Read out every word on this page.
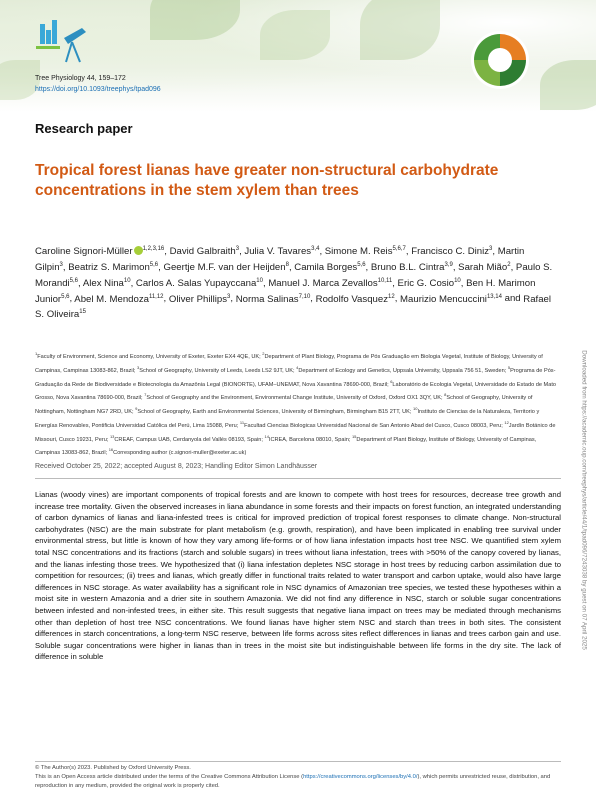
Tree Physiology 44, 159–172
https://doi.org/10.1093/treephys/tpad096
Research paper
Tropical forest lianas have greater non-structural carbohydrate concentrations in the stem xylem than trees
Caroline Signori-Müller $^{1,2,3,16}$, David Galbraith$^3$, Julia V. Tavares$^{3,4}$, Simone M. Reis$^{5,6,7}$, Francisco C. Diniz$^3$, Martin Gilpin$^3$, Beatriz S. Marimon$^{5,6}$, Geertje M.F. van der Heijden$^8$, Camila Borges$^{5,6}$, Bruno B.L. Cintra$^{3,9}$, Sarah Mião$^2$, Paulo S. Morandi$^{5,6}$, Alex Nina$^{10}$, Carlos A. Salas Yupayccana$^{10}$, Manuel J. Marca Zevallos$^{10,11}$, Eric G. Cosio$^{10}$, Ben H. Marimon Junior$^{5,6}$, Abel M. Mendoza$^{11,12}$, Oliver Phillips$^3$, Norma Salinas$^{7,10}$, Rodolfo Vasquez$^{12}$, Maurizio Mencuccini$^{13,14}$ and Rafael S. Oliveira$^{15}$
$^1$Faculty of Environment, Science and Economy, University of Exeter, Exeter EX4 4QE, UK; $^2$Department of Plant Biology, Programa de Pós Graduação em Biologia Vegetal, Institute of Biology, University of Campinas, Campinas 13083-862, Brazil; $^3$School of Geography, University of Leeds, Leeds LS2 9JT, UK; $^4$Department of Ecology and Genetics, Uppsala University, Uppsala 756 51, Sweden; $^5$Programa de Pós-Graduação da Rede de Biodiversidade e Biotecnologia da Amazônia Legal (BIONORTE), UFAM–UNEMAT, Nova Xavantina 78690-000, Brazil; $^6$Laboratório de Ecologia Vegetal, Universidade do Estado de Mato Grosso, Nova Xavantina 78690-000, Brazil; $^7$School of Geography and the Environment, Environmental Change Institute, University of Oxford, Oxford OX1 3QY, UK; $^8$School of Geography, University of Nottingham, Nottingham NG7 2RD, UK; $^9$School of Geography, Earth and Environmental Sciences, University of Birmingham, Birmingham B15 2TT, UK; $^{10}$Instituto de Ciencias de la Naturaleza, Territorio y Energías Renovables, Pontificia Universidad Católica del Perú, Lima 15088, Peru; $^{11}$Facultad Ciencias Biologicas Universidad Nacional de San Antonio Abad del Cusco, Cusco 08003, Peru; $^{12}$Jardín Botánico de Missouri, Cusco 19231, Peru; $^{13}$CREAF, Campus UAB, Cerdanyola del Vallés 08193, Spain; $^{14}$ICREA, Barcelona 08010, Spain; $^{15}$Department of Plant Biology, Institute of Biology, University of Campinas, Campinas 13083-862, Brazil; $^{16}$Corresponding author (c.signori-muller@exeter.ac.uk)
Received October 25, 2022; accepted August 8, 2023; Handling Editor Simon Landhäusser

Lianas (woody vines) are important components of tropical forests and are known to compete with host trees for resources, decrease tree growth and increase tree mortality. Given the observed increases in liana abundance in some forests and their impacts on forest function, an integrated understanding of carbon dynamics of lianas and liana-infested trees is critical for improved prediction of tropical forest responses to climate change. Non-structural carbohydrates (NSC) are the main substrate for plant metabolism (e.g. growth, respiration), and have been implicated in enabling tree survival under environmental stress, but little is known of how they vary among life-forms or of how liana infestation impacts host tree NSC. We quantified stem xylem total NSC concentrations and its fractions (starch and soluble sugars) in trees without liana infestation, trees with >50% of the canopy covered by lianas, and the lianas infesting those trees. We hypothesized that (i) liana infestation depletes NSC storage in host trees by reducing carbon assimilation due to competition for resources; (ii) trees and lianas, which greatly differ in functional traits related to water transport and carbon uptake, would also have large differences in NSC storage. As water availability has a significant role in NSC dynamics of Amazonian tree species, we tested these hypotheses within a moist site in western Amazonia and a drier site in southern Amazonia. We did not find any difference in NSC, starch or soluble sugar concentrations between infested and non-infested trees, in either site. This result suggests that negative liana impact on trees may be mediated through mechanisms other than depletion of host tree NSC concentrations. We found lianas have higher stem NSC and starch than trees in both sites. The consistent differences in starch concentrations, a long-term NSC reserve, between life forms across sites reflect differences in lianas and trees carbon gain and use. Soluble sugar concentrations were higher in lianas than in trees in the moist site but indistinguishable between life forms in the dry site. The lack of difference in soluble

© The Author(s) 2023. Published by Oxford University Press.
This is an Open Access article distributed under the terms of the Creative Commons Attribution License (https://creativecommons.org/licenses/by/4.0/), which permits unrestricted reuse, distribution, and reproduction in any medium, provided the original work is properly cited.
Downloaded from https://academic.oup.com/treephys/article/44/1/tpad096/7243038 by guest on 07 April 2025
